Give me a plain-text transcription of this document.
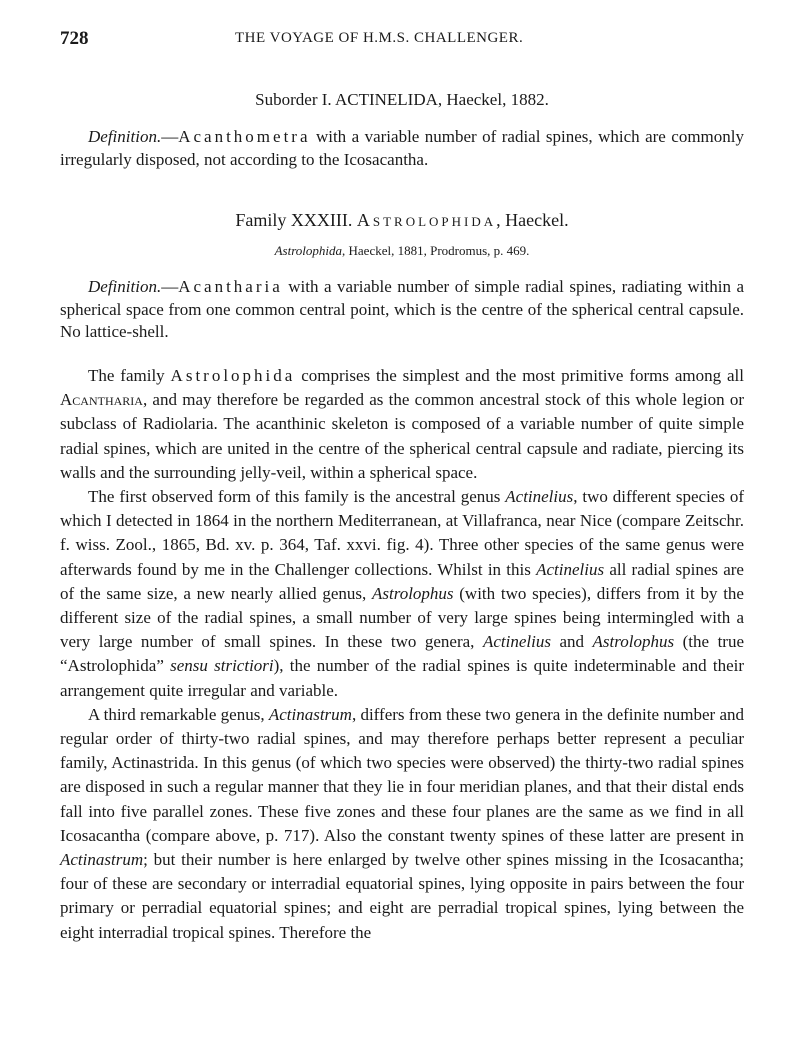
728	THE VOYAGE OF H.M.S. CHALLENGER.
Suborder I. ACTINELIDA, Haeckel, 1882.

Definition.—Acanthometra with a variable number of radial spines, which are commonly irregularly disposed, not according to the Icosacantha.

Family XXXIII. Astrolophida, Haeckel.
Astrolophida, Haeckel, 1881, Prodromus, p. 469.

Definition.—Acantharia with a variable number of simple radial spines, radiating within a spherical space from one common central point, which is the centre of the spherical central capsule. No lattice-shell.

The family Astrolophida comprises the simplest and the most primitive forms among all Acantharia, and may therefore be regarded as the common ancestral stock of this whole legion or subclass of Radiolaria. The acanthinic skeleton is composed of a variable number of quite simple radial spines, which are united in the centre of the spherical central capsule and radiate, piercing its walls and the surrounding jelly-veil, within a spherical space.

The first observed form of this family is the ancestral genus Actinelius, two different species of which I detected in 1864 in the northern Mediterranean, at Villafranca, near Nice (compare Zeitschr. f. wiss. Zool., 1865, Bd. xv. p. 364, Taf. xxvi. fig. 4). Three other species of the same genus were afterwards found by me in the Challenger collections. Whilst in this Actinelius all radial spines are of the same size, a new nearly allied genus, Astrolophus (with two species), differs from it by the different size of the radial spines, a small number of very large spines being intermingled with a very large number of small spines. In these two genera, Actinelius and Astrolophus (the true “Astrolophida” sensu strictiori), the number of the radial spines is quite indeterminable and their arrangement quite irregular and variable.

A third remarkable genus, Actinastrum, differs from these two genera in the definite number and regular order of thirty-two radial spines, and may therefore perhaps better represent a peculiar family, Actinastrida. In this genus (of which two species were observed) the thirty-two radial spines are disposed in such a regular manner that they lie in four meridian planes, and that their distal ends fall into five parallel zones. These five zones and these four planes are the same as we find in all Icosacantha (compare above, p. 717). Also the constant twenty spines of these latter are present in Actinastrum; but their number is here enlarged by twelve other spines missing in the Icosacantha; four of these are secondary or interradial equatorial spines, lying opposite in pairs between the four primary or perradial equatorial spines; and eight are perradial tropical spines, lying between the eight interradial tropical spines. Therefore the
